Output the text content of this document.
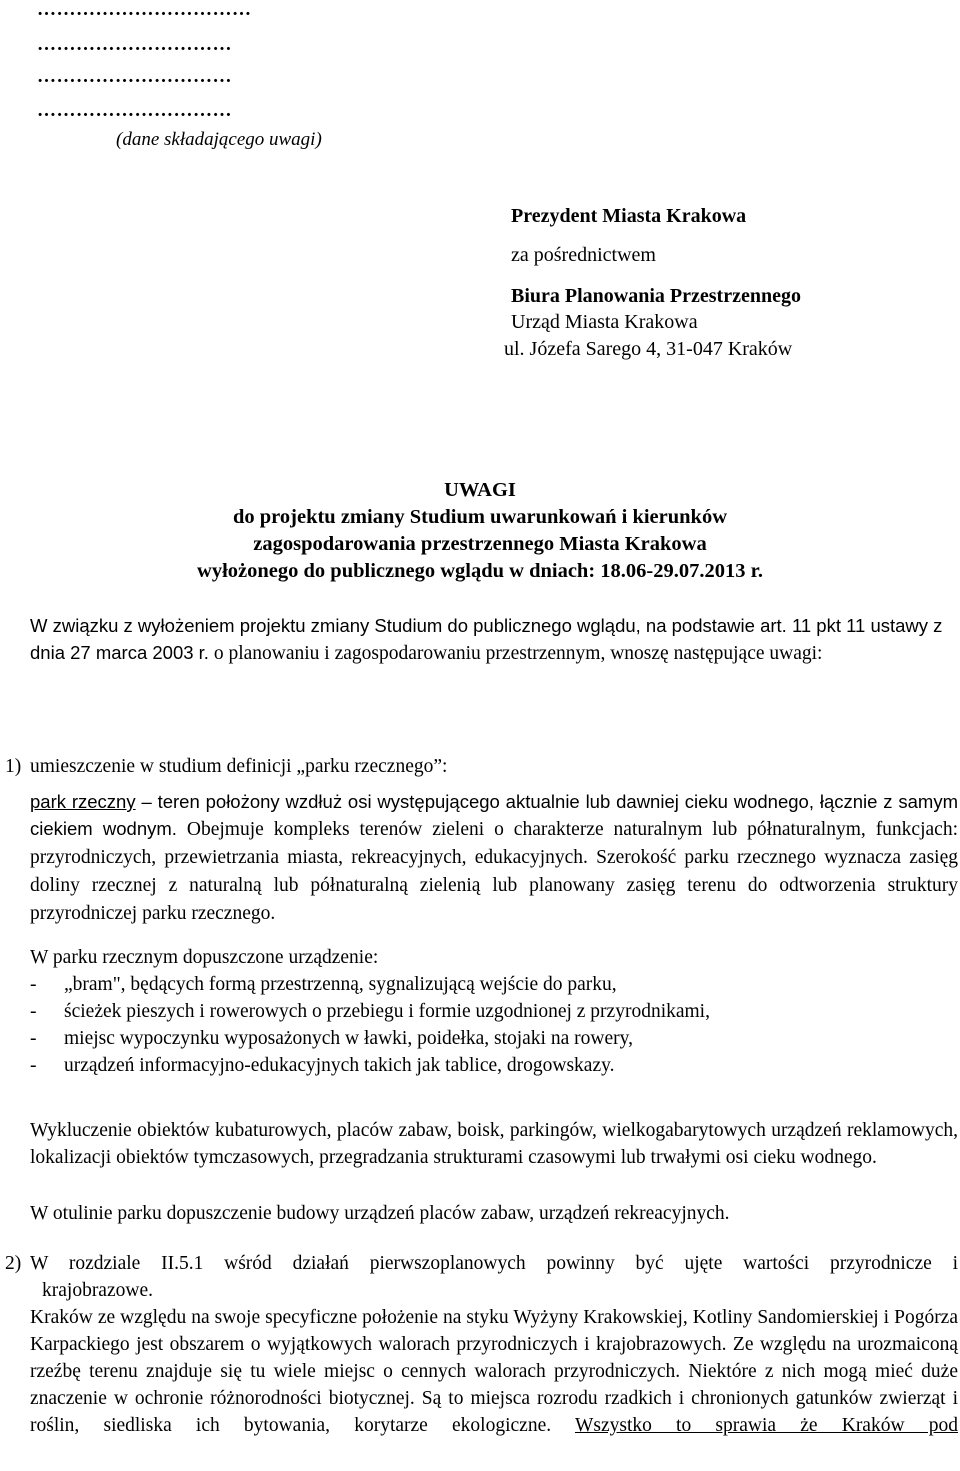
……………………………
…………………………
…………………………
…………………………
(dane składającego uwagi)
Prezydent Miasta Krakowa
za pośrednictwem
Biura Planowania Przestrzennego
Urząd Miasta Krakowa
ul. Józefa Sarego 4, 31-047 Kraków
UWAGI
do projektu zmiany Studium uwarunkowań i kierunków
zagospodarowania przestrzennego Miasta Krakowa
wyłożonego do publicznego wglądu w dniach: 18.06-29.07.2013 r.
W związku z wyłożeniem projektu zmiany Studium do publicznego wglądu, na podstawie art. 11 pkt 11 ustawy z dnia 27 marca 2003 r. o planowaniu i zagospodarowaniu przestrzennym, wnoszę następujące uwagi:
1) umieszczenie w studium definicji „parku rzecznego”:
park rzeczny – teren położony wzdłuż osi występującego aktualnie lub dawniej cieku wodnego, łącznie z samym ciekiem wodnym. Obejmuje kompleks terenów zieleni o charakterze naturalnym lub półnaturalnym, funkcjach: przyrodniczych, przewietrzania miasta, rekreacyjnych, edukacyjnych. Szerokość parku rzecznego wyznacza zasięg doliny rzecznej z naturalną lub półnaturalną zielenią lub planowany zasięg terenu do odtworzenia struktury przyrodniczej parku rzecznego.
W parku rzecznym dopuszczone urządzenie:
- „bram", będących formą przestrzenną, sygnalizującą wejście do parku,
- ścieżek pieszych i rowerowych o przebiegu i formie uzgodnionej z przyrodnikami,
- miejsc wypoczynku wyposażonych w ławki, poidełka, stojaki na rowery,
- urządzeń informacyjno-edukacyjnych takich jak tablice, drogowskazy.
Wykluczenie obiektów kubaturowych, placów zabaw, boisk, parkingów, wielkogabarytowych urządzeń reklamowych, lokalizacji obiektów tymczasowych, przegradzania strukturami czasowymi lub trwałymi osi cieku wodnego.
W otulinie parku dopuszczenie budowy urządzeń placów zabaw, urządzeń rekreacyjnych.
2) W rozdziale II.5.1 wśród działań pierwszoplanowych powinny być ujęte wartości przyrodnicze i
krajobrazowe.
Kraków ze względu na swoje specyficzne położenie na styku Wyżyny Krakowskiej, Kotliny Sandomierskiej i Pogórza Karpackiego jest obszarem o wyjątkowych walorach przyrodniczych i krajobrazowych. Ze względu na urozmaiconą rzeźbę terenu znajduje się tu wiele miejsc o cennych walorach przyrodniczych. Niektóre z nich mogą mieć duże znaczenie w ochronie różnorodności biotycznej. Są to miejsca rozrodu rzadkich i chronionych gatunków zwierząt i roślin, siedliska ich bytowania, korytarze ekologiczne. Wszystko to sprawia że Kraków pod
